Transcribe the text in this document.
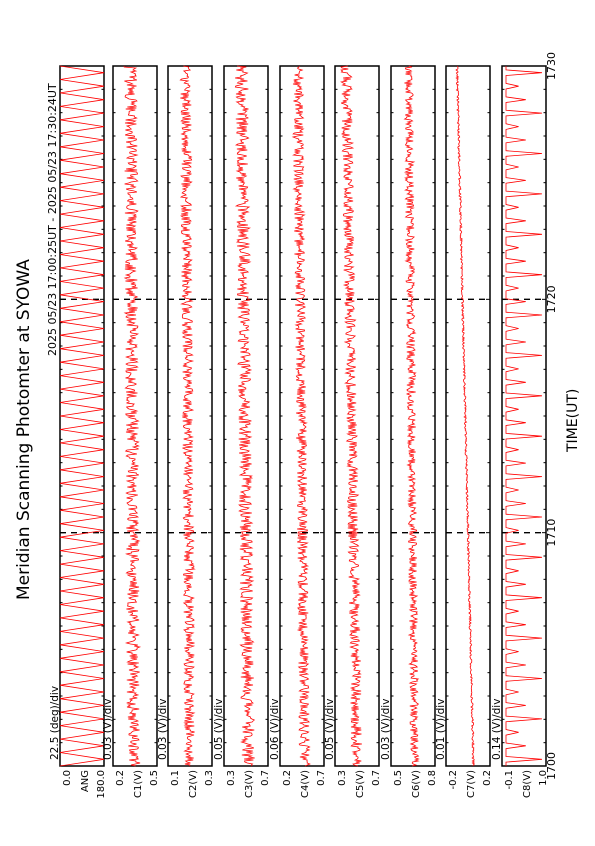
0.0 180.0
ANG
22.5 (deg)/div
0.2 0.5
C1(V)
0.03 (V)/div
0.1 0.3
C2(V)
0.03 (V)/div
0.3 0.7
C3(V)
0.05 (V)/div
0.2 0.7
C4(V)
0.06 (V)/div
0.3 0.7
C5(V)
0.05 (V)/div
0.5 0.8
C6(V)
0.03 (V)/div
-0.2 0.2
C7(V)
0.01 (V)/div
-0.1 1.0
C8(V)
0.14 (V)/div
1700
1710
1720
1730
Meridian Scanning Photomter at SYOWA
2025 05/23 17:00:25UT - 2025 05/23 17:30:24UT
TIME(UT)
